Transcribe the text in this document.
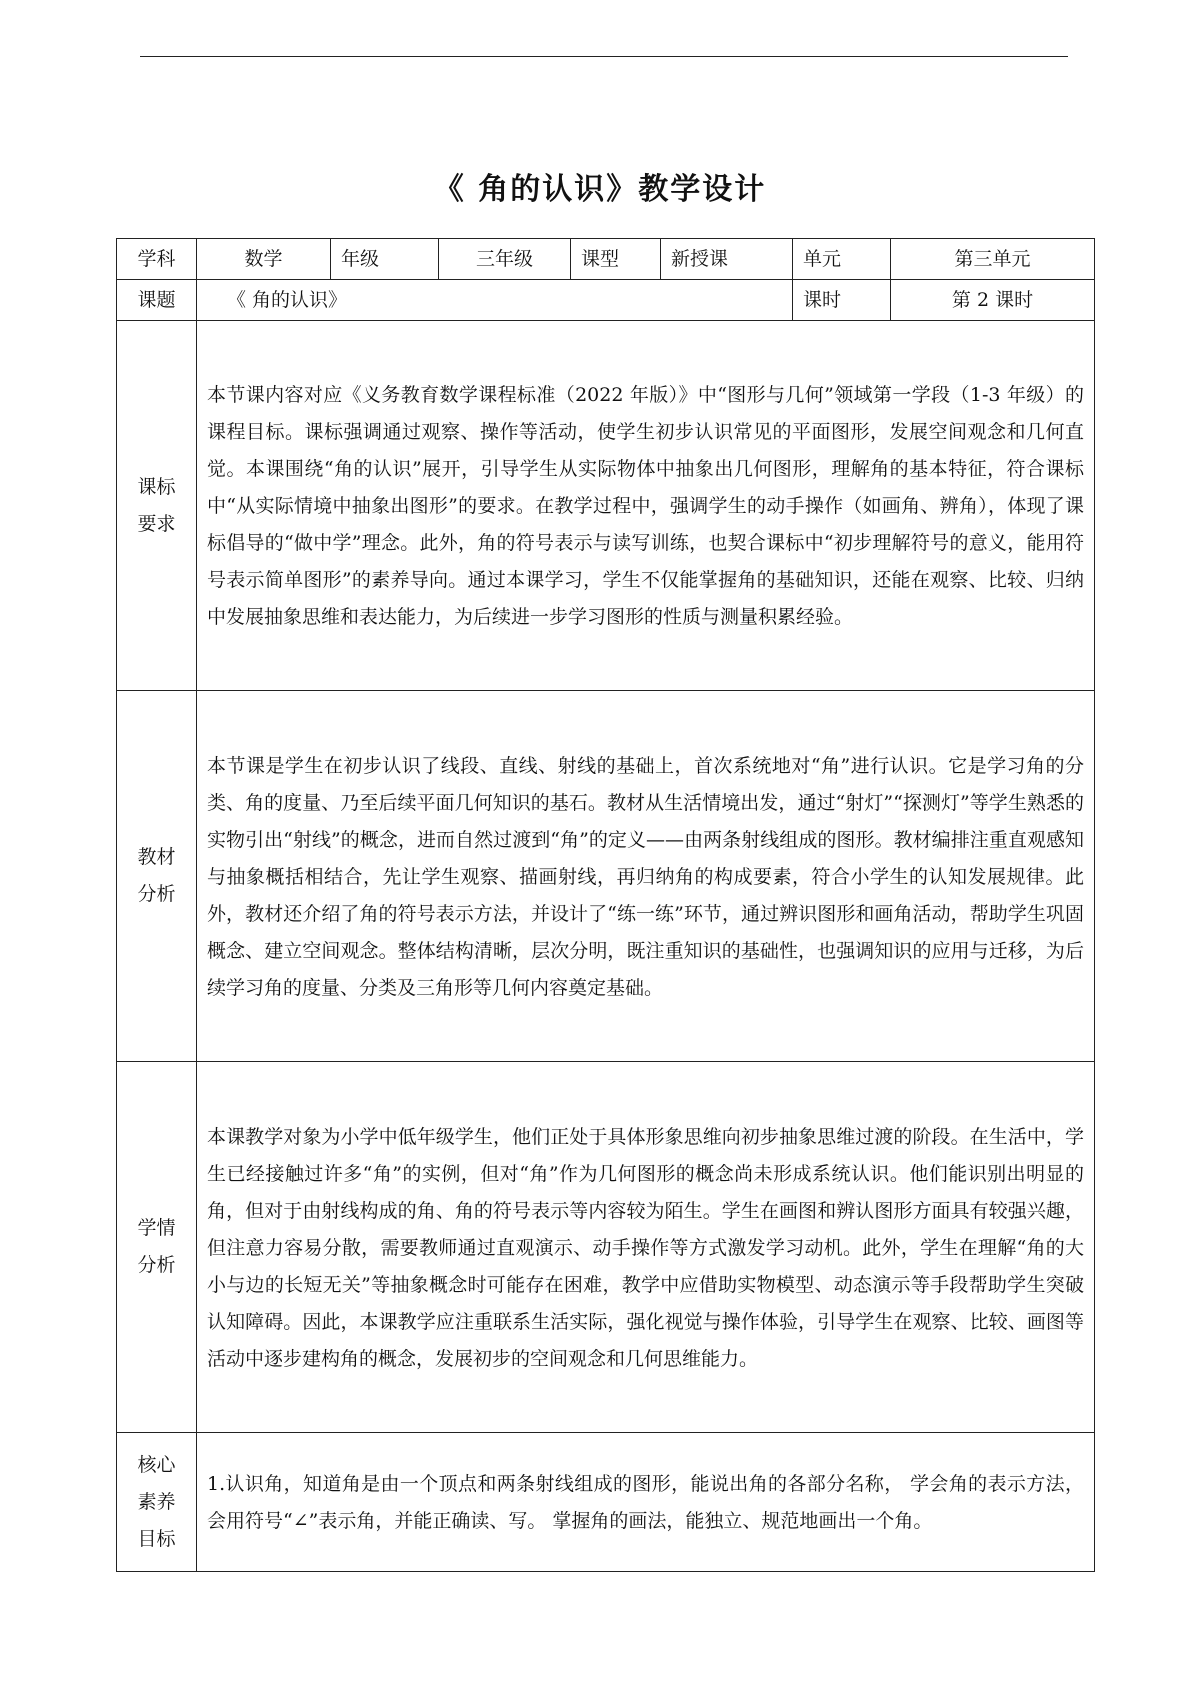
《 角的认识》教学设计
学科	数学	年级	三年级	课型	新授课	单元	第三单元
课题	《 角的认识》					课时	第 2 课时

课标
要求	本节课内容对应《义务教育数学课程标准（2022 年版）》中“图形与几何”领域第一学段（1-3 年级）的课程目标。课标强调通过观察、操作等活动，使学生初步认识常见的平面图形，发展空间观念和几何直觉。本课围绕“角的认识”展开，引导学生从实际物体中抽象出几何图形，理解角的基本特征，符合课标中“从实际情境中抽象出图形”的要求。在教学过程中，强调学生的动手操作（如画角、辨角），体现了课标倡导的“做中学”理念。此外，角的符号表示与读写训练，也契合课标中“初步理解符号的意义，能用符号表示简单图形”的素养导向。通过本课学习，学生不仅能掌握角的基础知识，还能在观察、比较、归纳中发展抽象思维和表达能力，为后续进一步学习图形的性质与测量积累经验。						

教材
分析	本节课是学生在初步认识了线段、直线、射线的基础上，首次系统地对“角”进行认识。它是学习角的分类、角的度量、乃至后续平面几何知识的基石。教材从生活情境出发，通过“射灯”“探测灯”等学生熟悉的实物引出“射线”的概念，进而自然过渡到“角”的定义——由两条射线组成的图形。教材编排注重直观感知与抽象概括相结合，先让学生观察、描画射线，再归纳角的构成要素，符合小学生的认知发展规律。此外，教材还介绍了角的符号表示方法，并设计了“练一练”环节，通过辨识图形和画角活动，帮助学生巩固概念、建立空间观念。整体结构清晰，层次分明，既注重知识的基础性，也强调知识的应用与迁移，为后续学习角的度量、分类及三角形等几何内容奠定基础。						

学情
分析	本课教学对象为小学中低年级学生，他们正处于具体形象思维向初步抽象思维过渡的阶段。在生活中，学生已经接触过许多“角”的实例，但对“角”作为几何图形的概念尚未形成系统认识。他们能识别出明显的角，但对于由射线构成的角、角的符号表示等内容较为陌生。学生在画图和辨认图形方面具有较强兴趣，但注意力容易分散，需要教师通过直观演示、动手操作等方式激发学习动机。此外，学生在理解“角的大小与边的长短无关”等抽象概念时可能存在困难，教学中应借助实物模型、动态演示等手段帮助学生突破认知障碍。因此，本课教学应注重联系生活实际，强化视觉与操作体验，引导学生在观察、比较、画图等活动中逐步建构角的概念，发展初步的空间观念和几何思维能力。						

核心
素养
目标	1.认识角，知道角是由一个顶点和两条射线组成的图形，能说出角的各部分名称， 学会角的表示方法，会用符号“∠”表示角，并能正确读、写。 掌握角的画法，能独立、规范地画出一个角。						
